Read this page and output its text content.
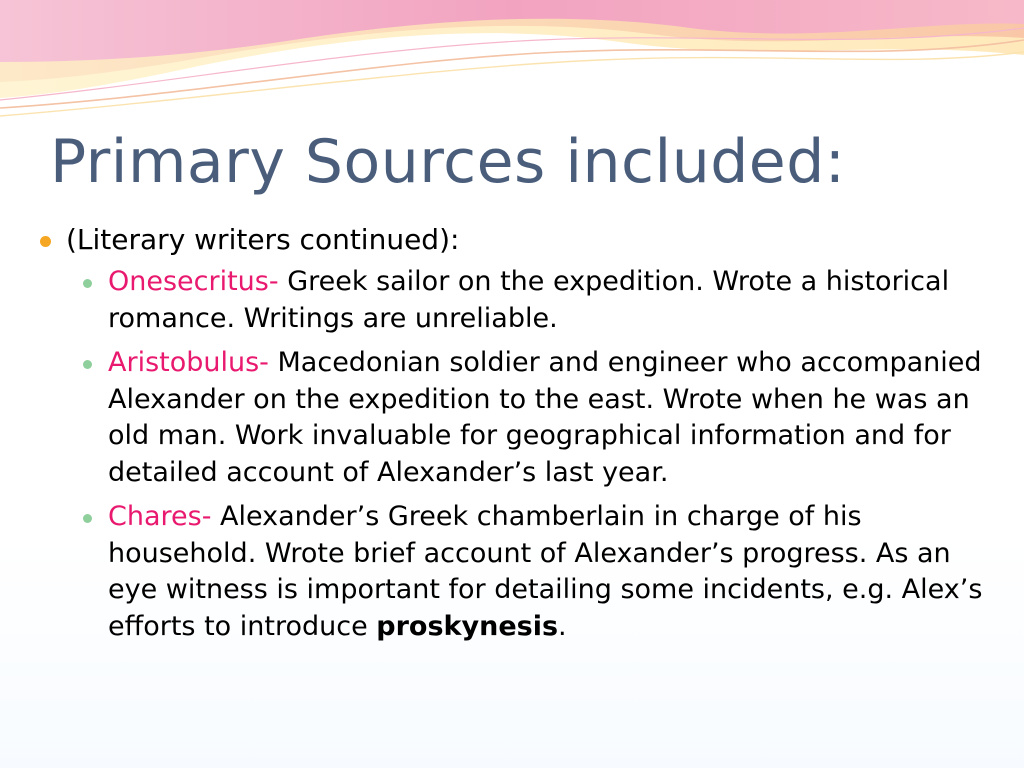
Primary Sources included:
(Literary writers continued):
Onesecritus- Greek sailor on the expedition. Wrote a historical romance. Writings are unreliable.
Aristobulus- Macedonian soldier and engineer who accompanied Alexander on the expedition to the east. Wrote when he was an old man. Work invaluable for geographical information and for detailed account of Alexander’s last year.
Chares- Alexander’s Greek chamberlain in charge of his household. Wrote brief account of Alexander’s progress. As an eye witness is important for detailing some incidents, e.g. Alex’s efforts to introduce proskynesis.
